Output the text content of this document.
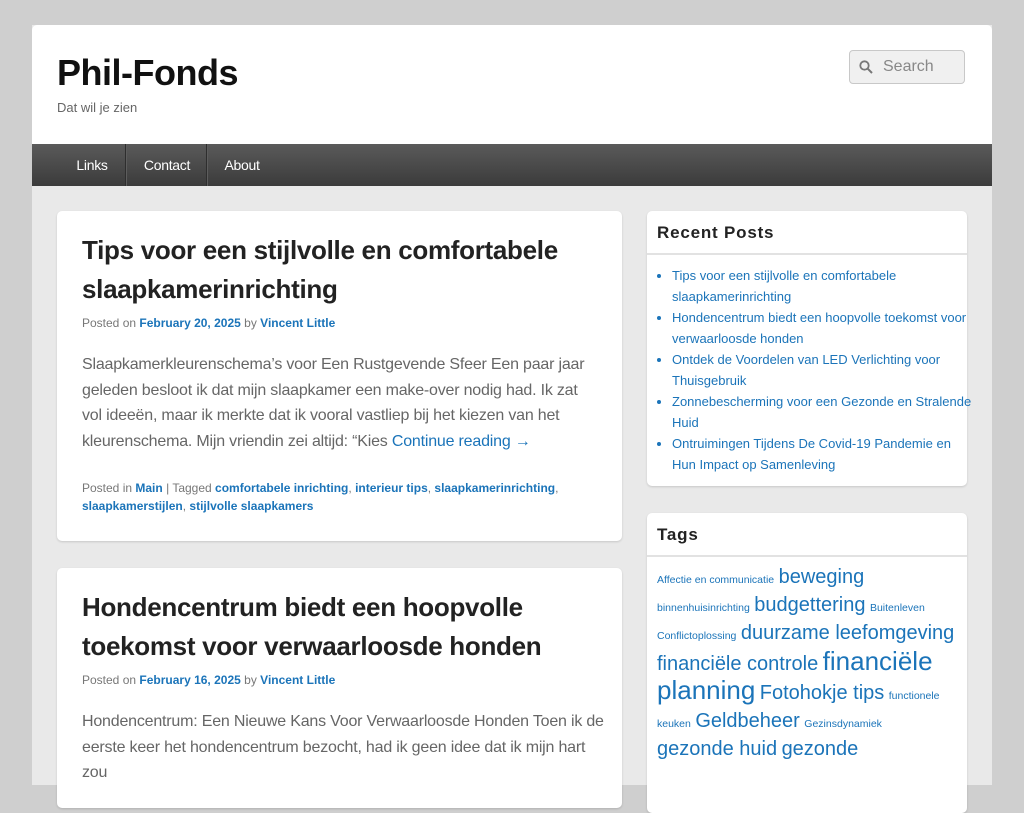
Phil-Fonds
Dat wil je zien
Search
Links	Contact	About
Tips voor een stijlvolle en comfortabele slaapkamerinrichting
Posted on February 20, 2025 by Vincent Little
Slaapkamerkleurenschema’s voor Een Rustgevende Sfeer Een paar jaar geleden besloot ik dat mijn slaapkamer een make-over nodig had. Ik zat vol ideeën, maar ik merkte dat ik vooral vastliep bij het kiezen van het kleurenschema. Mijn vriendin zei altijd: “Kies Continue reading →
Posted in Main | Tagged comfortabele inrichting, interieur tips, slaapkamerinrichting, slaapkamerstijlen, stijlvolle slaapkamers
Hondencentrum biedt een hoopvolle toekomst voor verwaarloosde honden
Posted on February 16, 2025 by Vincent Little
Hondencentrum: Een Nieuwe Kans Voor Verwaarloosde Honden Toen ik de
eerste keer het hondencentrum bezocht, had ik geen idee dat ik mijn hart zou
Recent Posts
• Tips voor een stijlvolle en comfortabele slaapkamerinrichting
• Hondencentrum biedt een hoopvolle toekomst voor verwaarloosde honden
• Ontdek de Voordelen van LED Verlichting voor Thuisgebruik
• Zonnebescherming voor een Gezonde en Stralende Huid
• Ontruimingen Tijdens De Covid-19 Pandemie en Hun Impact op Samenleving
Tags
Affectie en communicatie beweging binnenhuisinrichting budgettering Buitenleven Conflictoplossing duurzame leefomgeving financiële controle financiële planning Fotohokje tips functionele keuken Geldbeheer Gezinsdynamiek gezonde huid gezonde
